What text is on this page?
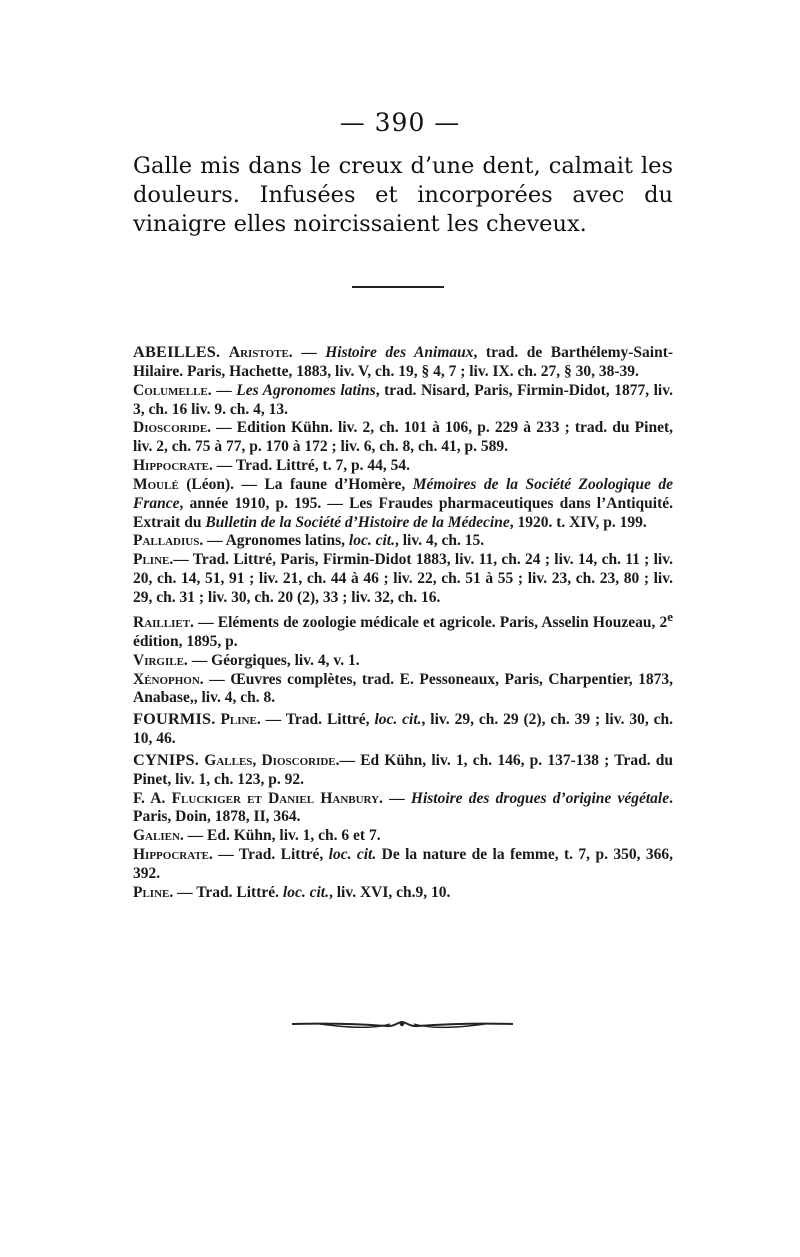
— 390 —
Galle mis dans le creux d’une dent, calmait les douleurs. Infusées et incorporées avec du vinaigre elles noircissaient les cheveux.

ABEILLES. Aristote. — Histoire des Animaux, trad. de Barthélemy-Saint-Hilaire. Paris, Hachette, 1883, liv. V, ch. 19, § 4, 7 ; liv. IX. ch. 27, § 30, 38-39.

Columelle. — Les Agronomes latins, trad. Nisard, Paris, Firmin-Didot, 1877, liv. 3, ch. 16 liv. 9. ch. 4, 13.

Dioscoride. — Edition Kühn. liv. 2, ch. 101 à 106, p. 229 à 233 ; trad. du Pinet, liv. 2, ch. 75 à 77, p. 170 à 172 ; liv. 6, ch. 8, ch. 41, p. 589.

Hippocrate. — Trad. Littré, t. 7, p. 44, 54.

Moulé (Léon). — La faune d’Homère, Mémoires de la Société Zoologique de France, année 1910, p. 195. — Les Fraudes pharmaceutiques dans l’Antiquité. Extrait du Bulletin de la Société d’Histoire de la Médecine, 1920. t. XIV, p. 199.

Palladius. — Agronomes latins, loc. cit., liv. 4, ch. 15.

Pline.— Trad. Littré, Paris, Firmin-Didot 1883, liv. 11, ch. 24 ; liv. 14, ch. 11 ; liv. 20, ch. 14, 51, 91 ; liv. 21, ch. 44 à 46 ; liv. 22, ch. 51 à 55 ; liv. 23, ch. 23, 80 ; liv. 29, ch. 31 ; liv. 30, ch. 20 (2), 33 ; liv. 32, ch. 16.

Railliet. — Eléments de zoologie médicale et agricole. Paris, Asselin Houzeau, 2e édition, 1895, p.

Virgile. — Géorgiques, liv. 4, v. 1.

Xénophon. — Œuvres complètes, trad. E. Pessoneaux, Paris, Charpentier, 1873, Anabase,, liv. 4, ch. 8.

FOURMIS. Pline. — Trad. Littré, loc. cit., liv. 29, ch. 29 (2), ch. 39 ; liv. 30, ch. 10, 46.

CYNIPS. Galles, Dioscoride.— Ed Kühn, liv. 1, ch. 146, p. 137-138 ; Trad. du Pinet, liv. 1, ch. 123, p. 92.

F. A. Fluckiger et Daniel Hanbury. — Histoire des drogues d’origine végétale. Paris, Doin, 1878, II, 364.

Galien. — Ed. Kühn, liv. 1, ch. 6 et 7.

Hippocrate. — Trad. Littré, loc. cit. De la nature de la femme, t. 7, p. 350, 366, 392.

Pline. — Trad. Littré. loc. cit., liv. XVI, ch.9, 10.
